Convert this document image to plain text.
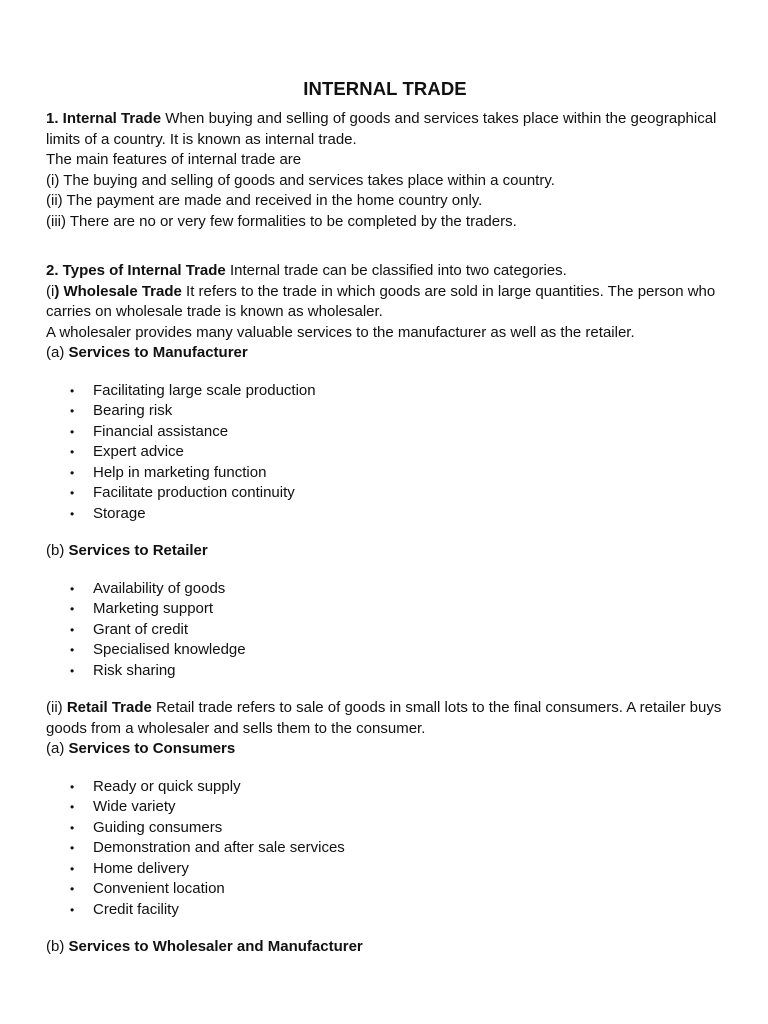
INTERNAL TRADE

1. Internal Trade When buying and selling of goods and services takes place within the geographical limits of a country. It is known as internal trade.

The main features of internal trade are

(i) The buying and selling of goods and services takes place within a country.

(ii) The payment are made and received in the home country only.

(iii) There are no or very few formalities to be completed by the traders.

2. Types of Internal Trade Internal trade can be classified into two categories.

(i) Wholesale Trade It refers to the trade in which goods are sold in large quantities. The person who carries on wholesale trade is known as wholesaler.

A wholesaler provides many valuable services to the manufacturer as well as the retailer.

(a) Services to Manufacturer

• Facilitating large scale production
• Bearing risk
• Financial assistance
• Expert advice
• Help in marketing function
• Facilitate production continuity
• Storage

(b) Services to Retailer

• Availability of goods
• Marketing support
• Grant of credit
• Specialised knowledge
• Risk sharing

(ii) Retail Trade Retail trade refers to sale of goods in small lots to the final consumers. A retailer buys goods from a wholesaler and sells them to the consumer.

(a) Services to Consumers

• Ready or quick supply
• Wide variety
• Guiding consumers
• Demonstration and after sale services
• Home delivery
• Convenient location
• Credit facility

(b) Services to Wholesaler and Manufacturer
